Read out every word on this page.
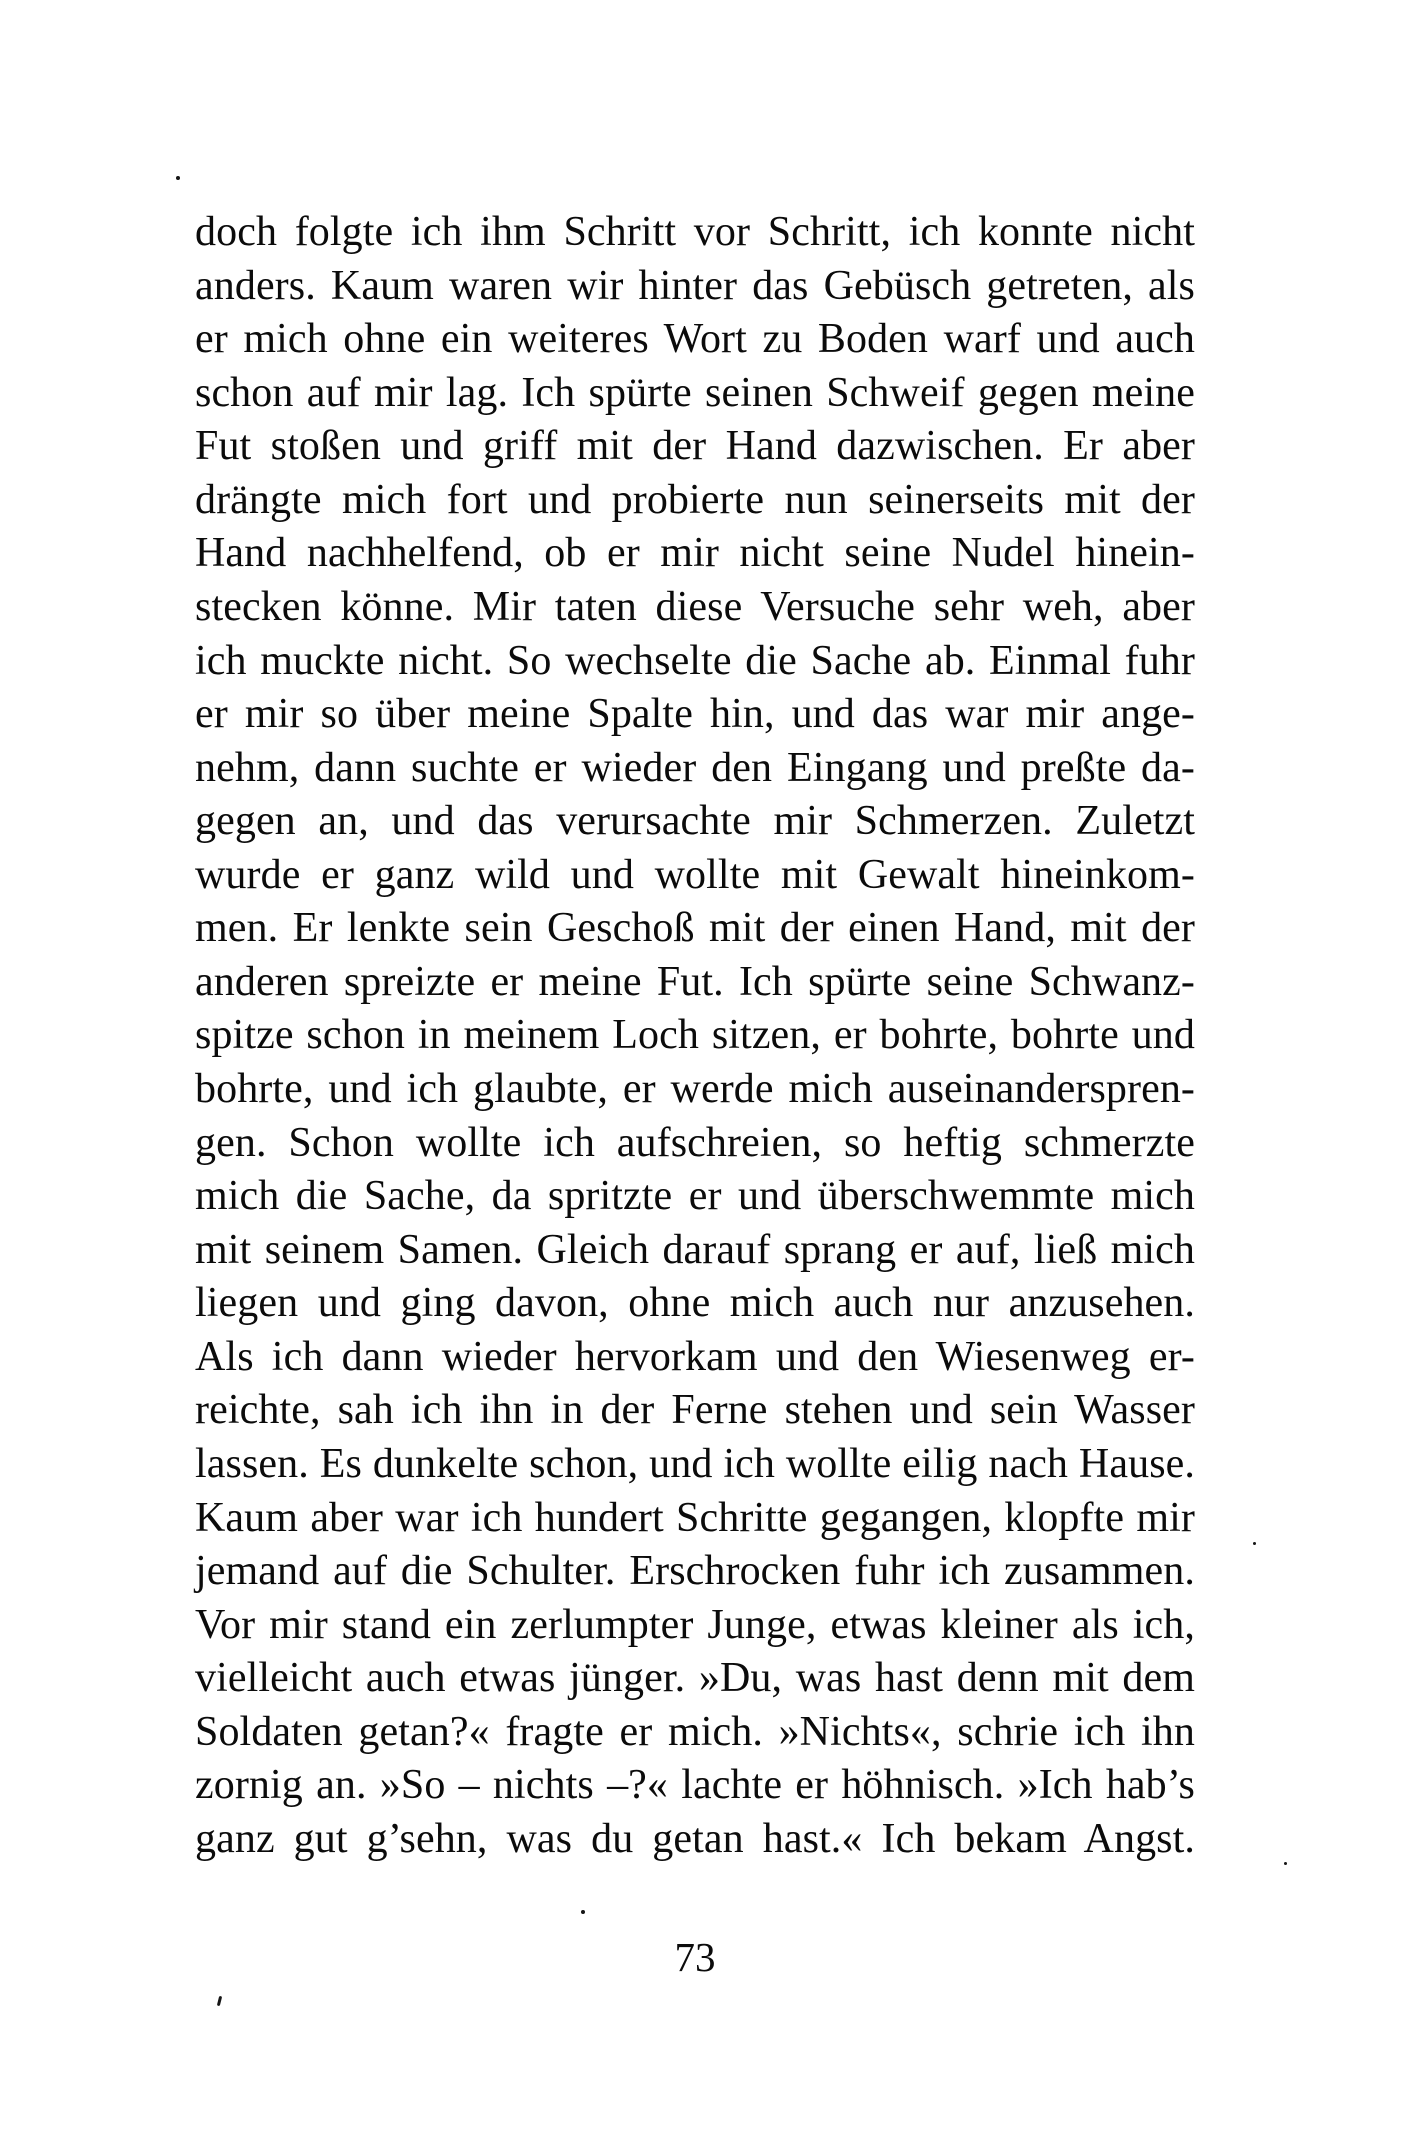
doch folgte ich ihm Schritt vor Schritt, ich konnte nicht
anders. Kaum waren wir hinter das Gebüsch getreten, als
er mich ohne ein weiteres Wort zu Boden warf und auch
schon auf mir lag. Ich spürte seinen Schweif gegen meine
Fut stoßen und griff mit der Hand dazwischen. Er aber
drängte mich fort und probierte nun seinerseits mit der
Hand nachhelfend, ob er mir nicht seine Nudel hinein-
stecken könne. Mir taten diese Versuche sehr weh, aber
ich muckte nicht. So wechselte die Sache ab. Einmal fuhr
er mir so über meine Spalte hin, und das war mir ange-
nehm, dann suchte er wieder den Eingang und preßte da-
gegen an, und das verursachte mir Schmerzen. Zuletzt
wurde er ganz wild und wollte mit Gewalt hineinkom-
men. Er lenkte sein Geschoß mit der einen Hand, mit der
anderen spreizte er meine Fut. Ich spürte seine Schwanz-
spitze schon in meinem Loch sitzen, er bohrte, bohrte und
bohrte, und ich glaubte, er werde mich auseinanderspren-
gen. Schon wollte ich aufschreien, so heftig schmerzte
mich die Sache, da spritzte er und überschwemmte mich
mit seinem Samen. Gleich darauf sprang er auf, ließ mich
liegen und ging davon, ohne mich auch nur anzusehen.
Als ich dann wieder hervorkam und den Wiesenweg er-
reichte, sah ich ihn in der Ferne stehen und sein Wasser
lassen. Es dunkelte schon, und ich wollte eilig nach Hause.
Kaum aber war ich hundert Schritte gegangen, klopfte mir
jemand auf die Schulter. Erschrocken fuhr ich zusammen.
Vor mir stand ein zerlumpter Junge, etwas kleiner als ich,
vielleicht auch etwas jünger. »Du, was hast denn mit dem
Soldaten getan?« fragte er mich. »Nichts«, schrie ich ihn
zornig an. »So – nichts –?« lachte er höhnisch. »Ich hab’s
ganz gut g’sehn, was du getan hast.« Ich bekam Angst.
73
